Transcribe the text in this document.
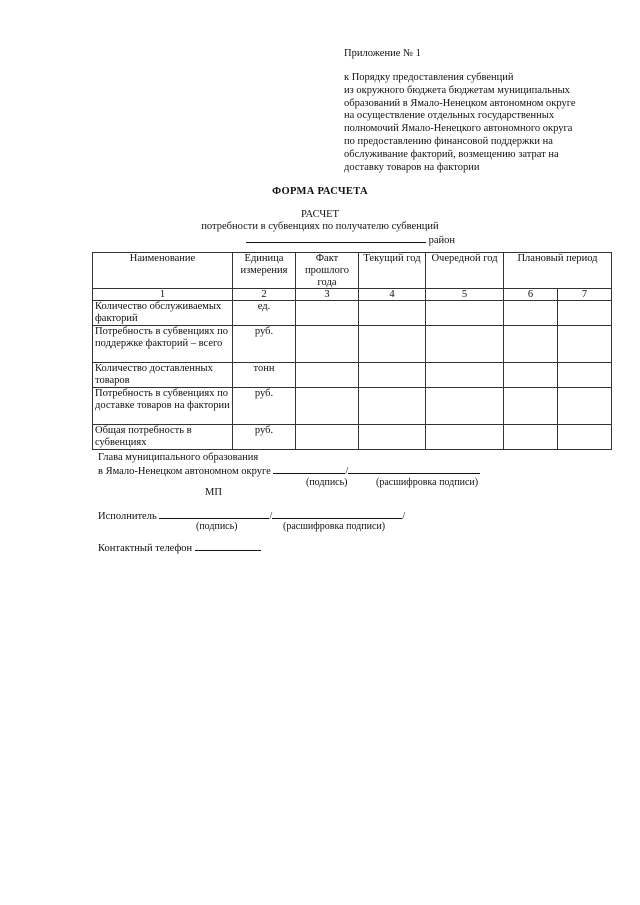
Приложение № 1
к Порядку предоставления субвенций
из окружного бюджета бюджетам муниципальных
образований в Ямало-Ненецком автономном округе
на осуществление отдельных государственных
полномочий Ямало-Ненецкого автономного округа
по предоставлению финансовой поддержки на
обслуживание факторий, возмещению затрат на
доставку товаров на фактории
ФОРМА РАСЧЕТА
РАСЧЕТ
потребности в субвенциях по получателю субвенций
район
Наименование	Единица измерения	Факт прошлого года	Текущий год	Очередной год	Плановый период	
1	2	3	4	5	6	7
Количество обслуживаемых факторий	ед.					
Потребность в субвенциях по поддержке факторий – всего	руб.					
Количество доставленных товаров	тонн					
Потребность в субвенциях по доставке товаров на фактории	руб.					
Общая потребность в субвенциях	руб.					
Глава муниципального образования
в Ямало-Ненецком автономном округе	/
(подпись)	(расшифровка подписи)
МП
Исполнитель	/	/
(подпись)	(расшифровка подписи)
Контактный телефон
